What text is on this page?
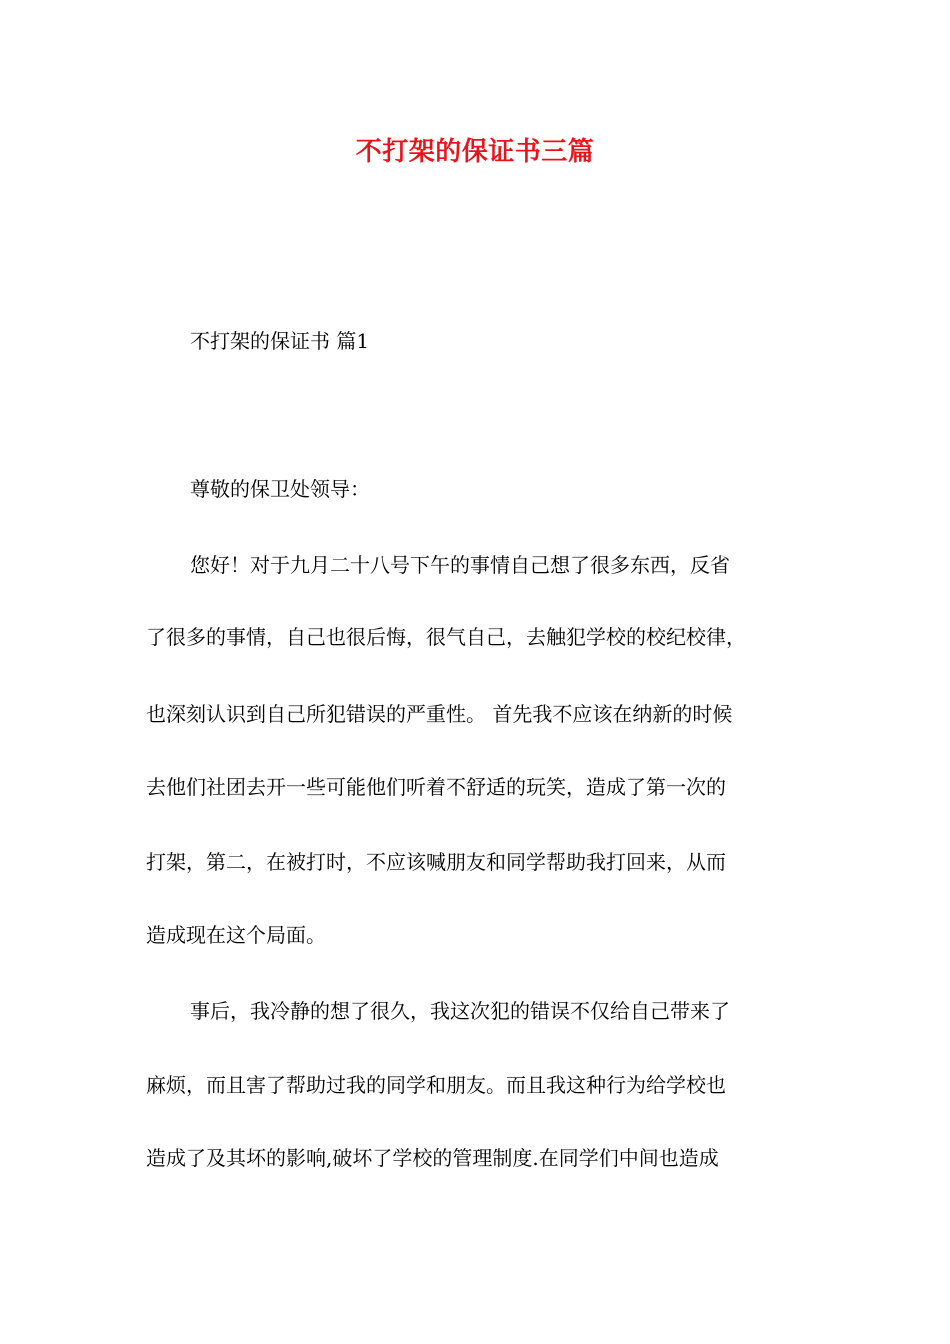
不打架的保证书三篇
不打架的保证书 篇1
尊敬的保卫处领导：
您好！对于九月二十八号下午的事情自己想了很多东西，反省
了很多的事情，自己也很后悔，很气自己，去触犯学校的校纪校律，
也深刻认识到自己所犯错误的严重性。 首先我不应该在纳新的时候
去他们社团去开一些可能他们听着不舒适的玩笑，造成了第一次的
打架，第二，在被打时，不应该喊朋友和同学帮助我打回来，从而
造成现在这个局面。
事后，我冷静的想了很久，我这次犯的错误不仅给自己带来了
麻烦，而且害了帮助过我的同学和朋友。而且我这种行为给学校也
造成了及其坏的影响,破坏了学校的管理制度.在同学们中间也造成
